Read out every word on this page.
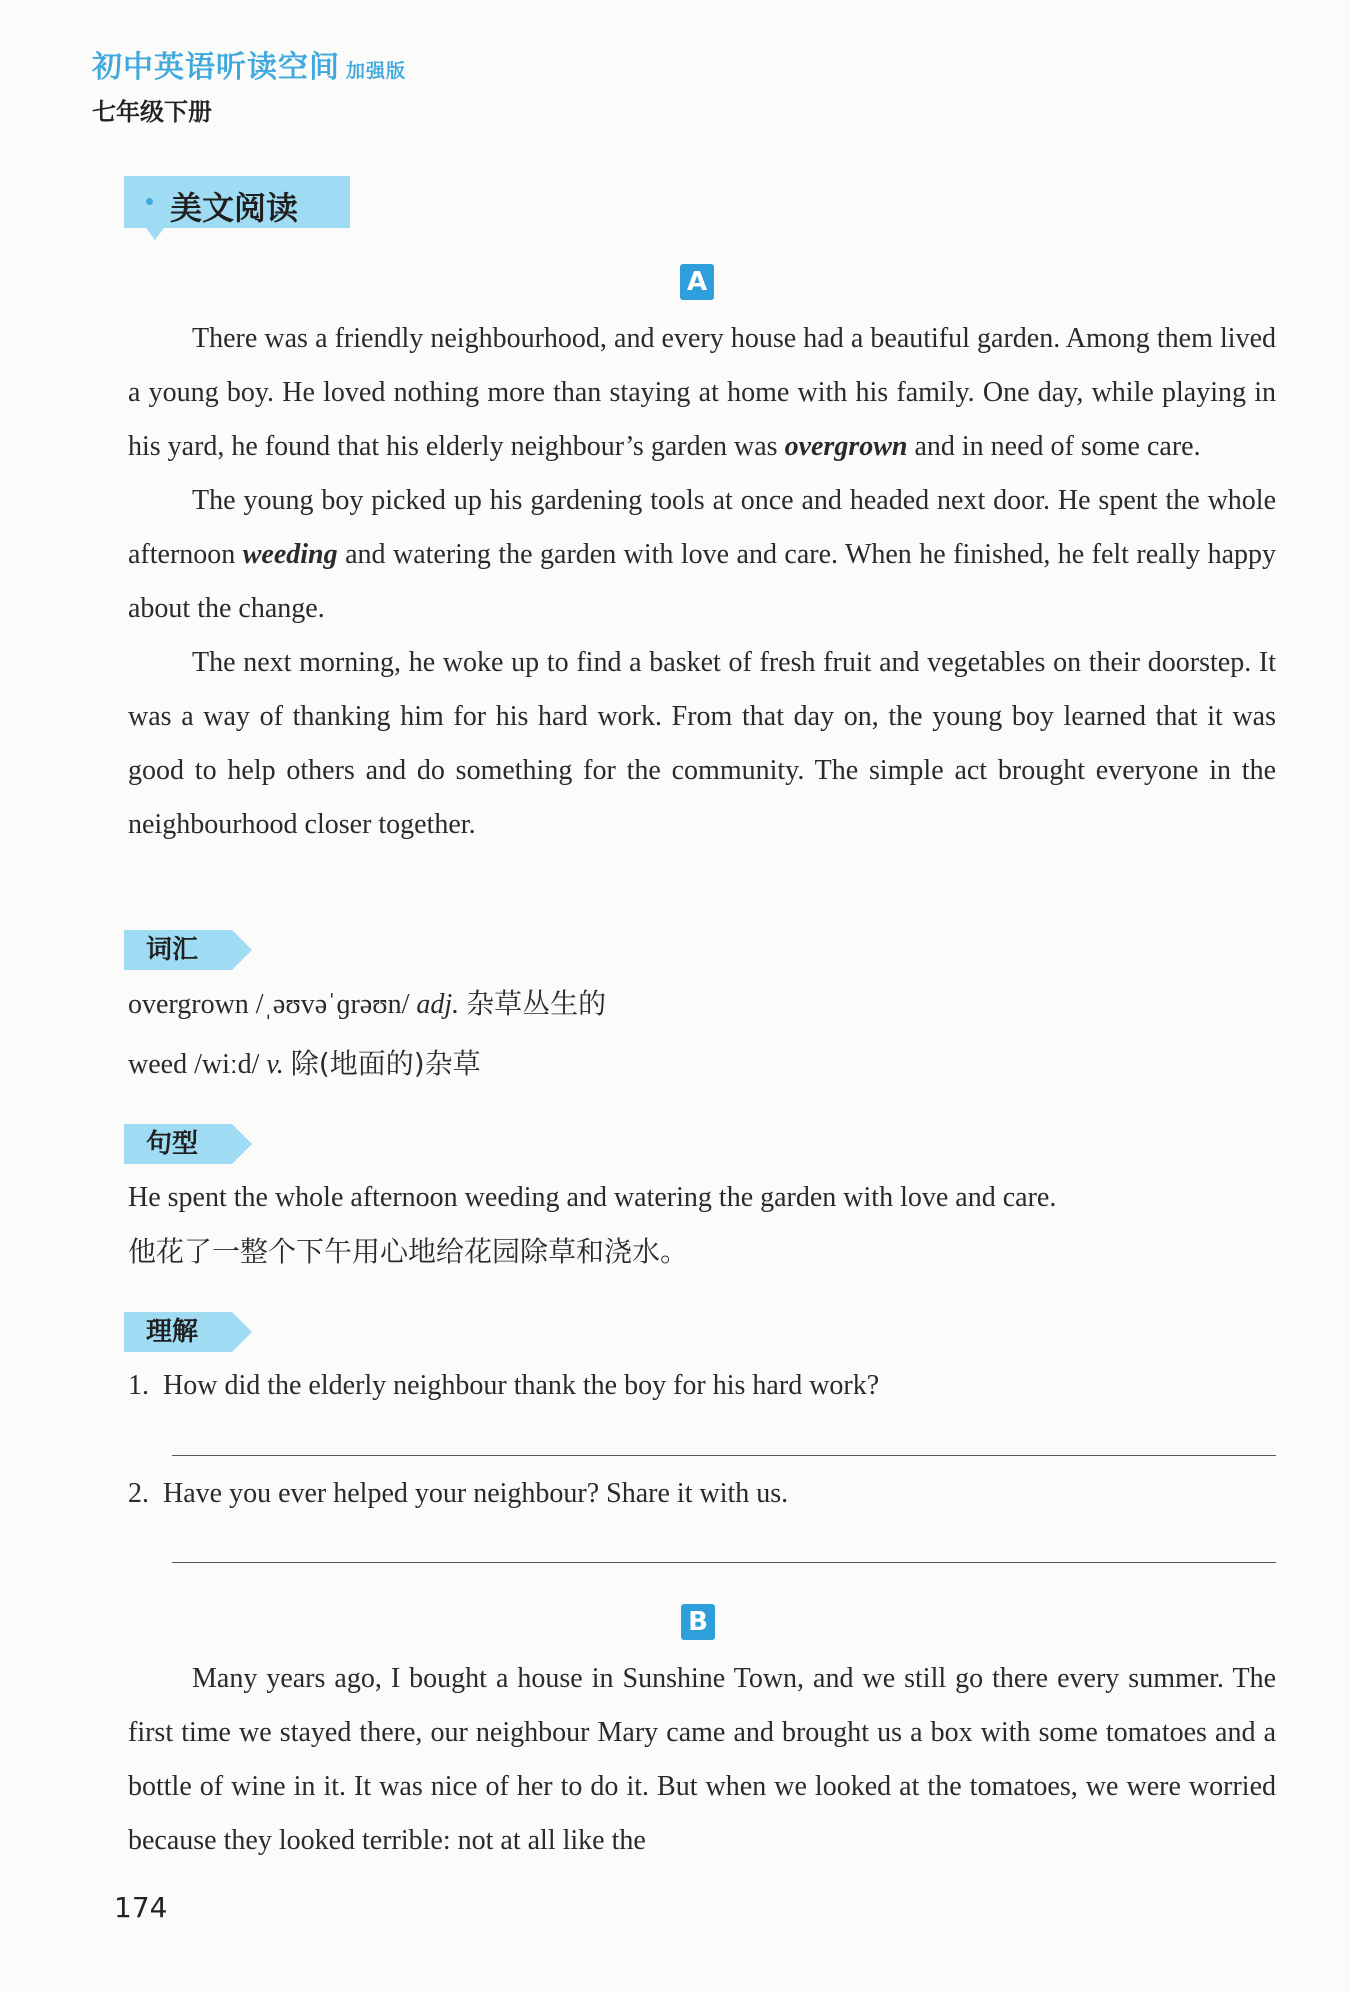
初中英语听读空间 加强版
七年级下册
美文阅读
A

There was a friendly neighbourhood, and every house had a beautiful garden. Among them lived a young boy. He loved nothing more than staying at home with his family. One day, while playing in his yard, he found that his elderly neighbour’s garden was overgrown and in need of some care.

The young boy picked up his gardening tools at once and headed next door. He spent the whole afternoon weeding and watering the garden with love and care. When he finished, he felt really happy about the change.

The next morning, he woke up to find a basket of fresh fruit and vegetables on their doorstep. It was a way of thanking him for his hard work. From that day on, the young boy learned that it was good to help others and do something for the community. The simple act brought everyone in the neighbourhood closer together.

词汇
overgrown /ˌəʊvəˈɡrəʊn/ adj. 杂草丛生的
weed /wiːd/ v. 除(地面的)杂草
句型
He spent the whole afternoon weeding and watering the garden with love and care.
他花了一整个下午用心地给花园除草和浇水。
理解
1. How did the elderly neighbour thank the boy for his hard work?
2. Have you ever helped your neighbour? Share it with us.
B

Many years ago, I bought a house in Sunshine Town, and we still go there every summer. The first time we stayed there, our neighbour Mary came and brought us a box with some tomatoes and a bottle of wine in it. It was nice of her to do it. But when we looked at the tomatoes, we were worried because they looked terrible: not at all like the

174
